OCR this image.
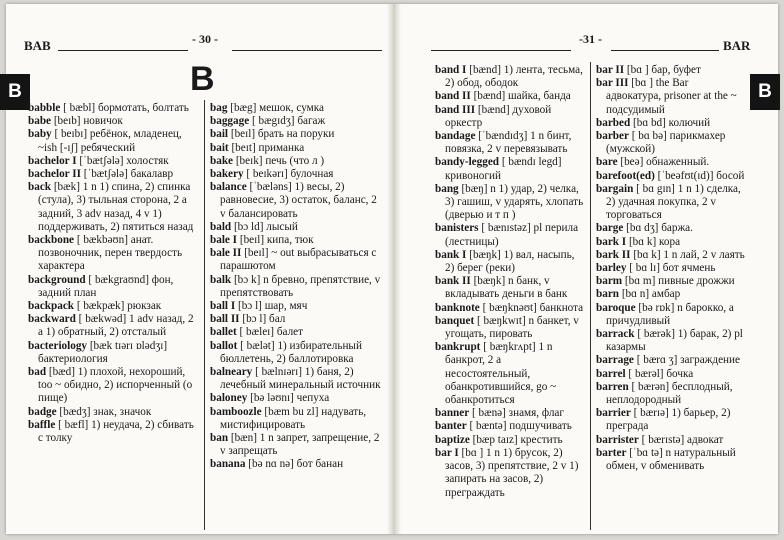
BAB	- 30 -
B	B

babble [ bæbl] бормотать, болтать

babe [beɪb] новичок

baby [ beɪbɪ] ребёнок, младенец, ~ish [-ɪʃ] ребяческий

bachelor I [ˈbætʃələ] холостяк

bachelor II [ˈbætʃələ] бакалавр

back [bæk] 1 n 1) спина, 2) спинка (стула), 3) тыльная сторона, 2 a задний, 3 adv назад, 4 v 1) поддерживать, 2) пятиться назад

backbone [ bækbəʊn] анат. позвоночник, перен твердость характера

background [ bækgraʊnd] фон, задний план

backpack [ bækpæk] рюкзак

backward [ bækwəd] 1 adv назад, 2 a 1) обратный, 2) отсталый

bacteriology [bæk tɪərɪ ɒlədʒɪ] бактериология

bad [bæd] 1) плохой, нехороший, too ~ обидно, 2) испорченный (о пище)

badge [bædʒ] знак, значок

baffle [ bæfl] 1) неудача, 2) сбивать с толку

bag [bæg] мешок, сумка

baggage [ bægɪdʒ] багаж

bail [beɪl] брать на поруки

bait [beɪt] приманка

bake [beɪk] печь (что л )

bakery [ beɪkərɪ] булочная

balance [ˈbæləns] 1) весы, 2) равновесие, 3) остаток, баланс, 2 v балансировать

bald [bɔ ld] лысый

bale I [beɪl] кипа, тюк

bale II [beɪl] ~ out выбрасываться с парашютом

balk [bɔ k] n бревно, препятствие, v препятствовать

ball I [bɔ l] шар, мяч

ball II [bɔ l] бал

ballet [ bæleɪ] балет

ballot [ bælət] 1) избирательный бюллетень, 2) баллотировка

balneary [ bælnɪərɪ] 1) баня, 2) лечебный минеральный источник

baloney [bə ləʊnɪ] чепуха

bamboozle [bæm bu zl] надувать, мистифицировать

ban [bæn] 1 n запрет, запрещение, 2 v запрещать

banana [bə nɑ nə] бот банан

-31 -	BAR
B

band I [bænd] 1) лента, тесьма, 2) обод, ободок

band II [bænd] шайка, банда

band III [bænd] духовой оркестр

bandage [ˈbændɪdʒ] 1 n бинт, повязка, 2 v перевязывать

bandy-legged [ bændɪ legd] кривоногий

bang [bæŋ] n 1) удар, 2) челка, 3) гашиш, v ударять, хлопать (дверью и т п )

banisters [ bænɪstəz] pl перила (лестницы)

bank I [bæŋk] 1) вал, насыпь, 2) берег (реки)

bank II [bæŋk] n банк, v вкладывать деньги в банк

banknote [ bæŋknəʊt] банкнота

banquet [ bæŋkwɪt] n банкет, v угощать, пировать

bankrupt [ bæŋkrʌpt] 1 n банкрот, 2 a несостоятельный, обанкротившийся, go ~ обанкротиться

banner [ bænə] знамя, флаг

banter [ bæntə] подшучивать

baptize [bæp taɪz] крестить

bar I [bɑ ] 1 n 1) брусок, 2) засов, 3) препятствие, 2 v 1) запирать на засов, 2) преграждать

bar II [bɑ ] бар, буфет

bar III [bɑ ] the Bar адвокатура, prisoner at the ~ подсудимый

barbed [bɑ bd] колючий

barber [ bɑ bə] парикмахер (мужской)

bare [beə] обнаженный.

barefoot(ed) [ˈbeəfʊt(ɪd)] босой

bargain [ bɑ gɪn] 1 n 1) сделка, 2) удачная покупка, 2 v торговаться

barge [bɑ dʒ] баржа.

bark I [bɑ k] кора

bark II [bɑ k] 1 n лай, 2 v лаять

barley [ bɑ lɪ] бот ячмень

barm [bɑ m] пивные дрожжи

barn [bɑ n] амбар

baroque [bə rɒk] n барокко, a причудливый

barrack [ bærək] 1) барак, 2) pl казармы

barrage [ bærɑ ʒ] заграждение

barrel [ bærəl] бочка

barren [ bærən] бесплодный, неплодородный

barrier [ bærɪə] 1) барьер, 2) преграда

barrister [ bærɪstə] адвокат

barter [ˈbɑ tə] n натуральный обмен, v обменивать
